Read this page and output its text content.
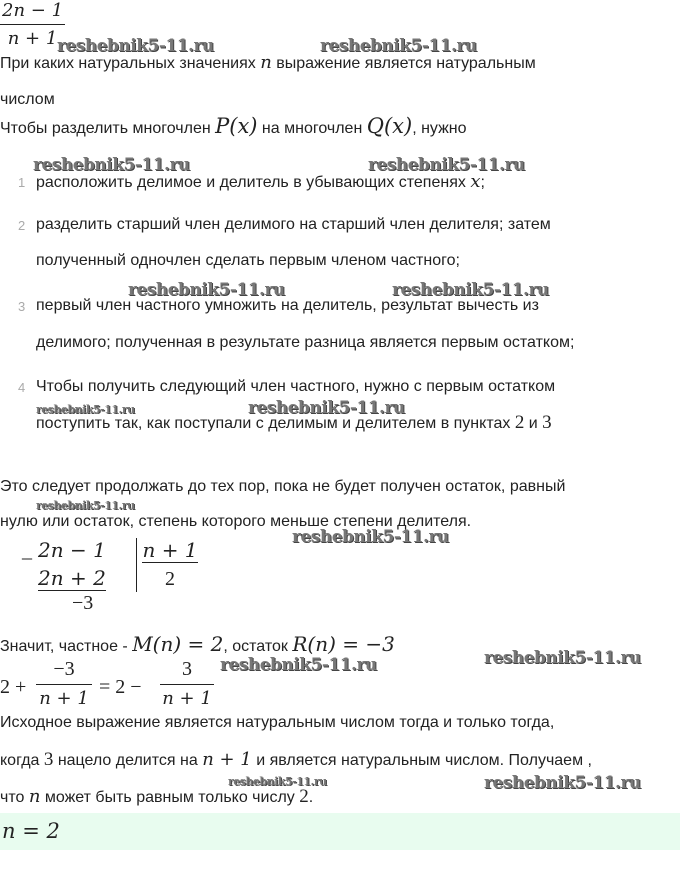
$\frac{2n - 1}{n + 1}$
reshebnik5-11.ru	reshebnik5-11.ru
При каких натуральных значениях n выражение является натуральным
числом
Чтобы разделить многочлен P(x) на многочлен Q(x), нужно
reshebnik5-11.ru	reshebnik5-11.ru
1 расположить делимое и делитель в убывающих степенях x;
2 разделить старший член делимого на старший член делителя; затем
полученный одночлен сделать первым членом частного;
reshebnik5-11.ru	reshebnik5-11.ru
3 первый член частного умножить на делитель, результат вычесть из
делимого; полученная в результате разница является первым остатком;
4 Чтобы получить следующий член частного, нужно с первым остатком
reshebnik5-11.ru	reshebnik5-11.ru
поступить так, как поступали с делимым и делителем в пунктах 2 и 3
Это следует продолжать до тех пор, пока не будет получен остаток, равный
reshebnik5-11.ru
нулю или остаток, степень которого меньше степени делителя.
reshebnik5-11.ru
_ 2n − 1
2n + 2
−3
n + 1
2
Значит, частное - M(n) = 2, остаток R(n) = −3
reshebnik5-11.ru
reshebnik5-11.ru
$2 + \frac{-3}{n + 1} = 2 - \frac{3}{n + 1}$
Исходное выражение является натуральным числом тогда и только тогда,
когда 3 нацело делится на n + 1 и является натуральным числом. Получаем ,
reshebnik5-11.ru	reshebnik5-11.ru
что n может быть равным только числу 2.
n = 2
